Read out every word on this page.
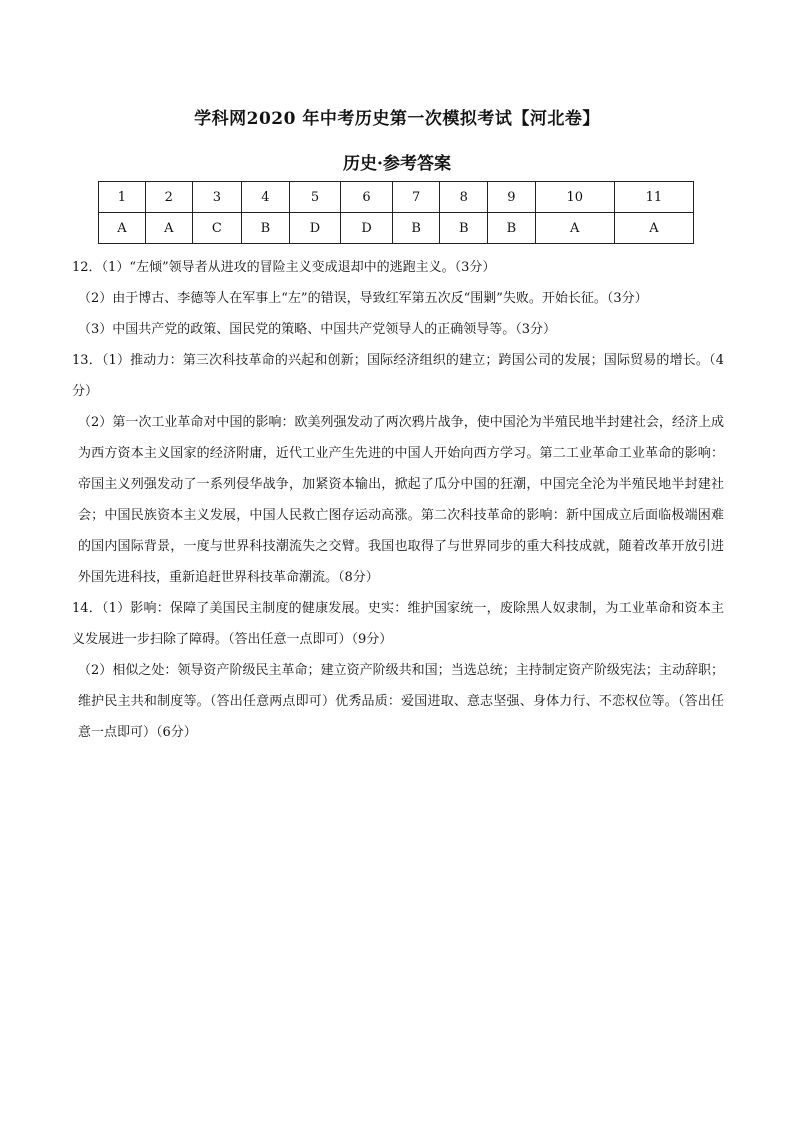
学科网2020 年中考历史第一次模拟考试【河北卷】
历史·参考答案
1	2	3	4	5	6	7	8	9	10	11
A	A	C	B	D	D	B	B	B	A	A

12．（1）“左倾”领导者从进攻的冒险主义变成退却中的逃跑主义。（3分）

（2）由于博古、李德等人在军事上“左”的错误，导致红军第五次反“围剿”失败。开始长征。（3分）

（3）中国共产党的政策、国民党的策略、中国共产党领导人的正确领导等。（3分）

13．（1）推动力：第三次科技革命的兴起和创新；国际经济组织的建立；跨国公司的发展；国际贸易的增长。（4分）

（2）第一次工业革命对中国的影响：欧美列强发动了两次鸦片战争，使中国沦为半殖民地半封建社会，经济上成为西方资本主义国家的经济附庸，近代工业产生先进的中国人开始向西方学习。第二工业革命工业革命的影响：帝国主义列强发动了一系列侵华战争，加紧资本输出，掀起了瓜分中国的狂潮，中国完全沦为半殖民地半封建社会；中国民族资本主义发展，中国人民救亡图存运动高涨。第二次科技革命的影响：新中国成立后面临极端困难的国内国际背景，一度与世界科技潮流失之交臂。我国也取得了与世界同步的重大科技成就，随着改革开放引进外国先进科技，重新追赶世界科技革命潮流。（8分）

14．（1）影响：保障了美国民主制度的健康发展。史实：维护国家统一，废除黑人奴隶制，为工业革命和资本主义发展进一步扫除了障碍。（答出任意一点即可）（9分）

（2）相似之处：领导资产阶级民主革命；建立资产阶级共和国；当选总统；主持制定资产阶级宪法；主动辞职；维护民主共和制度等。（答出任意两点即可）优秀品质：爱国进取、意志坚强、身体力行、不恋权位等。（答出任意一点即可）（6分）
